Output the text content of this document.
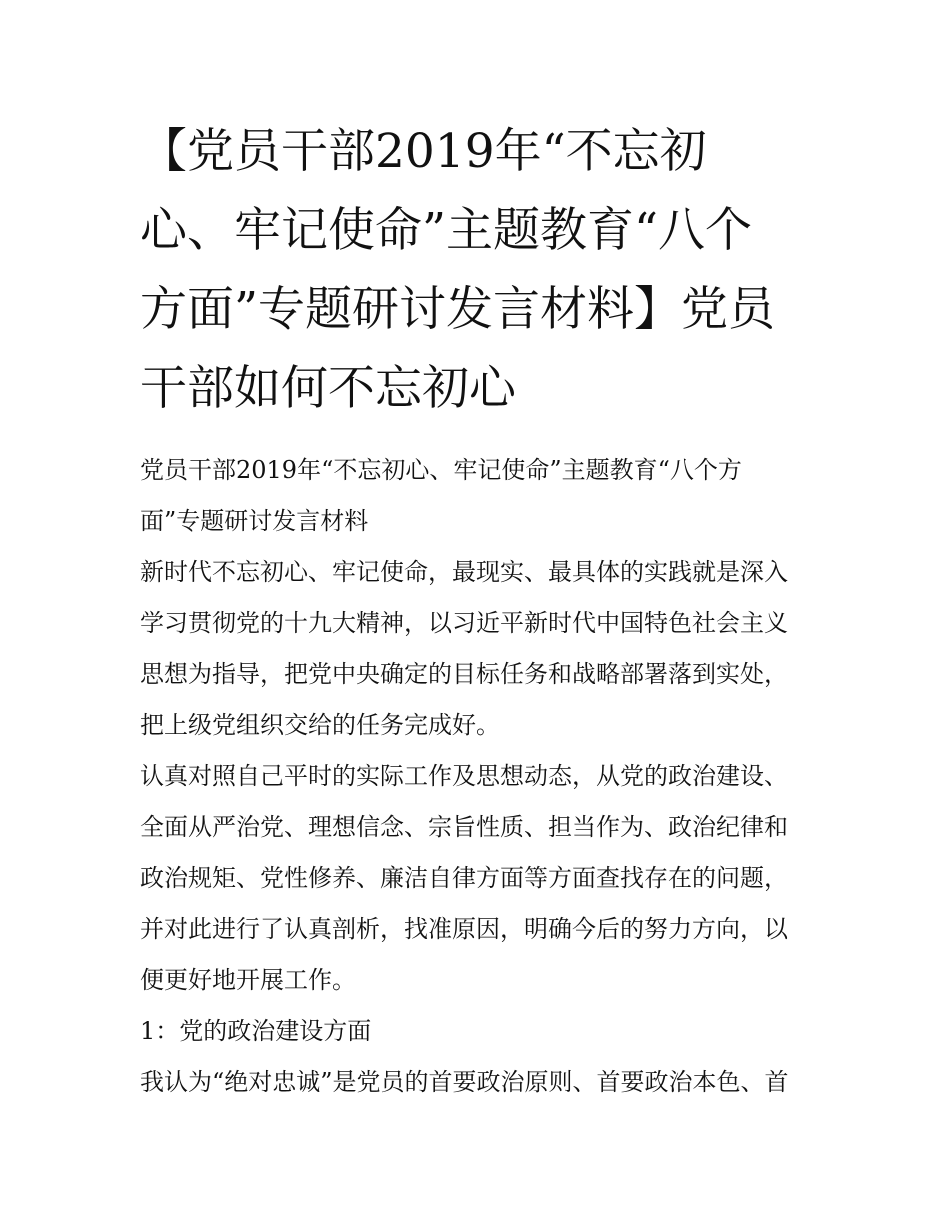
【党员干部2019年“不忘初
心、牢记使命”主题教育“八个
方面”专题研讨发言材料】党员
干部如何不忘初心

党员干部2019年“不忘初心、牢记使命”主题教育“八个方
面”专题研讨发言材料

新时代不忘初心、牢记使命，最现实、最具体的实践就是深入
学习贯彻党的十九大精神，以习近平新时代中国特色社会主义
思想为指导，把党中央确定的目标任务和战略部署落到实处，
把上级党组织交给的任务完成好。

认真对照自己平时的实际工作及思想动态，从党的政治建设、
全面从严治党、理想信念、宗旨性质、担当作为、政治纪律和
政治规矩、党性修养、廉洁自律方面等方面查找存在的问题，
并对此进行了认真剖析，找准原因，明确今后的努力方向，以
便更好地开展工作。

1：党的政治建设方面

我认为“绝对忠诚”是党员的首要政治原则、首要政治本色、首
